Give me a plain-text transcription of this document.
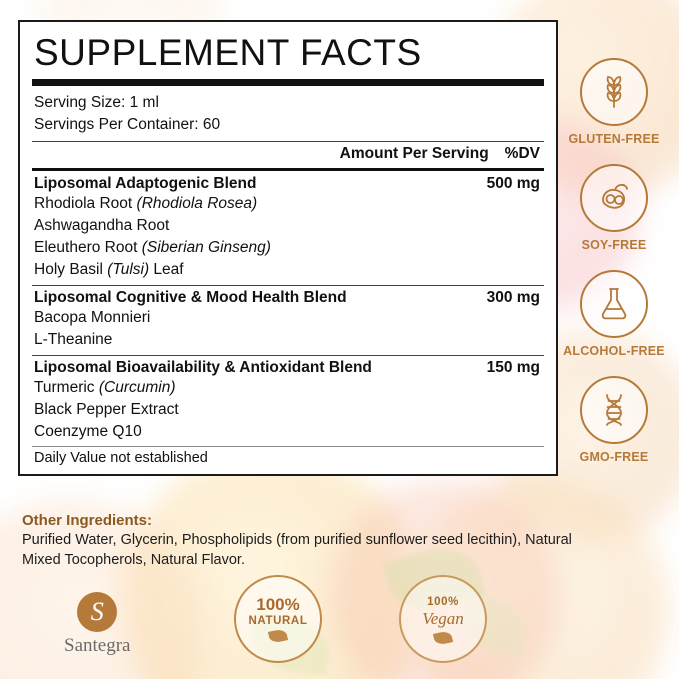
SUPPLEMENT FACTS
Serving Size: 1 ml
Servings Per Container: 60
Amount Per Serving %DV
Liposomal Adaptogenic Blend	500 mg
Rhodiola Root (Rhodiola Rosea)
Ashwagandha Root
Eleuthero Root (Siberian Ginseng)
Holy Basil (Tulsi) Leaf
Liposomal Cognitive & Mood Health Blend	300 mg
Bacopa Monnieri
L-Theanine
Liposomal Bioavailability & Antioxidant Blend	150 mg
Turmeric (Curcumin)
Black Pepper Extract
Coenzyme Q10
Daily Value not established
Other Ingredients:
Purified Water, Glycerin, Phospholipids (from purified sunflower seed lecithin), Natural Mixed Tocopherols, Natural Flavor.
GLUTEN-FREE
SOY-FREE
ALCOHOL-FREE
GMO-FREE
S
Santegra
100%
NATURAL
100%
Vegan
